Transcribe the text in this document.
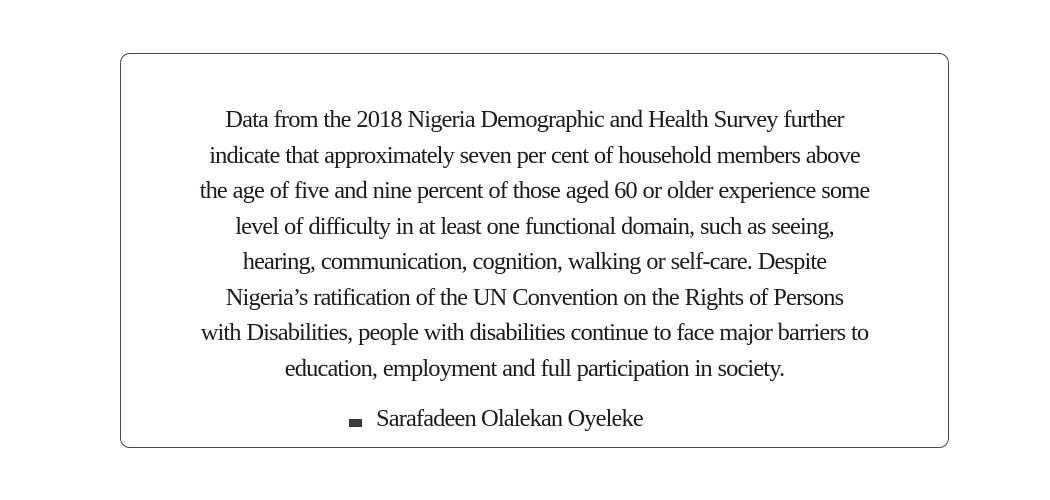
Data from the 2018 Nigeria Demographic and Health Survey further
indicate that approximately seven per cent of household members above
the age of five and nine percent of those aged 60 or older experience some
level of difficulty in at least one functional domain, such as seeing,
hearing, communication, cognition, walking or self-care. Despite
Nigeria’s ratification of the UN Convention on the Rights of Persons
with Disabilities, people with disabilities continue to face major barriers to
education, employment and full participation in society.

Sarafadeen Olalekan Oyeleke
